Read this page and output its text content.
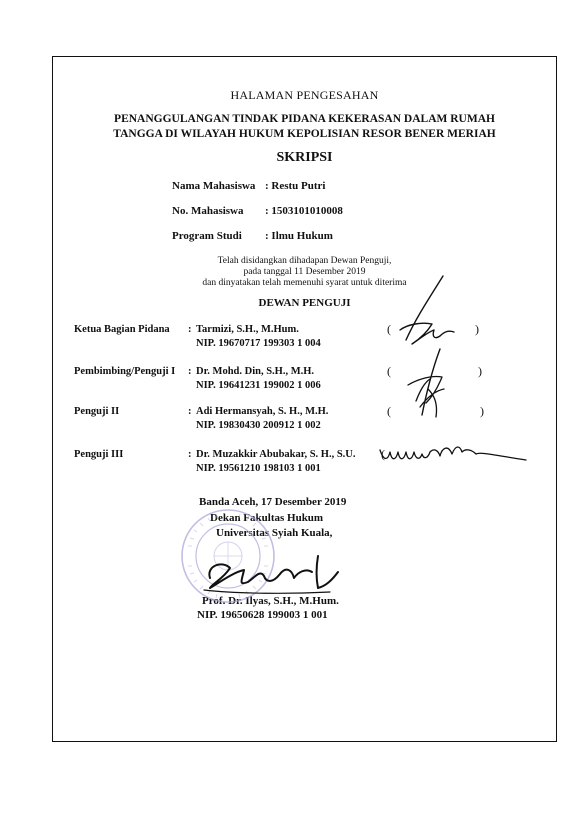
HALAMAN PENGESAHAN
PENANGGULANGAN TINDAK PIDANA KEKERASAN DALAM RUMAH
TANGGA DI WILAYAH HUKUM KEPOLISIAN RESOR BENER MERIAH
SKRIPSI
Nama Mahasiswa : Restu Putri
No. Mahasiswa : 1503101010008
Program Studi : Ilmu Hukum
Telah disidangkan dihadapan Dewan Penguji,
pada tanggal 11 Desember 2019
dan dinyatakan telah memenuhi syarat untuk diterima
DEWAN PENGUJI
Ketua Bagian Pidana : Tarmizi, S.H., M.Hum.
NIP. 19670717 199303 1 004
(	)
Pembimbing/Penguji I : Dr. Mohd. Din, S.H., M.H.
NIP. 19641231 199002 1 006
(	)
Penguji II	: Adi Hermansyah, S. H., M.H.
NIP. 19830430 200912 1 002
(	)
Penguji III	: Dr. Muzakkir Abubakar, S. H., S.U.
NIP. 19561210 198103 1 001
(
Banda Aceh, 17 Desember 2019
Dekan Fakultas Hukum
Universitas Syiah Kuala,
Prof. Dr. Ilyas, S.H., M.Hum.
NIP. 19650628 199003 1 001
